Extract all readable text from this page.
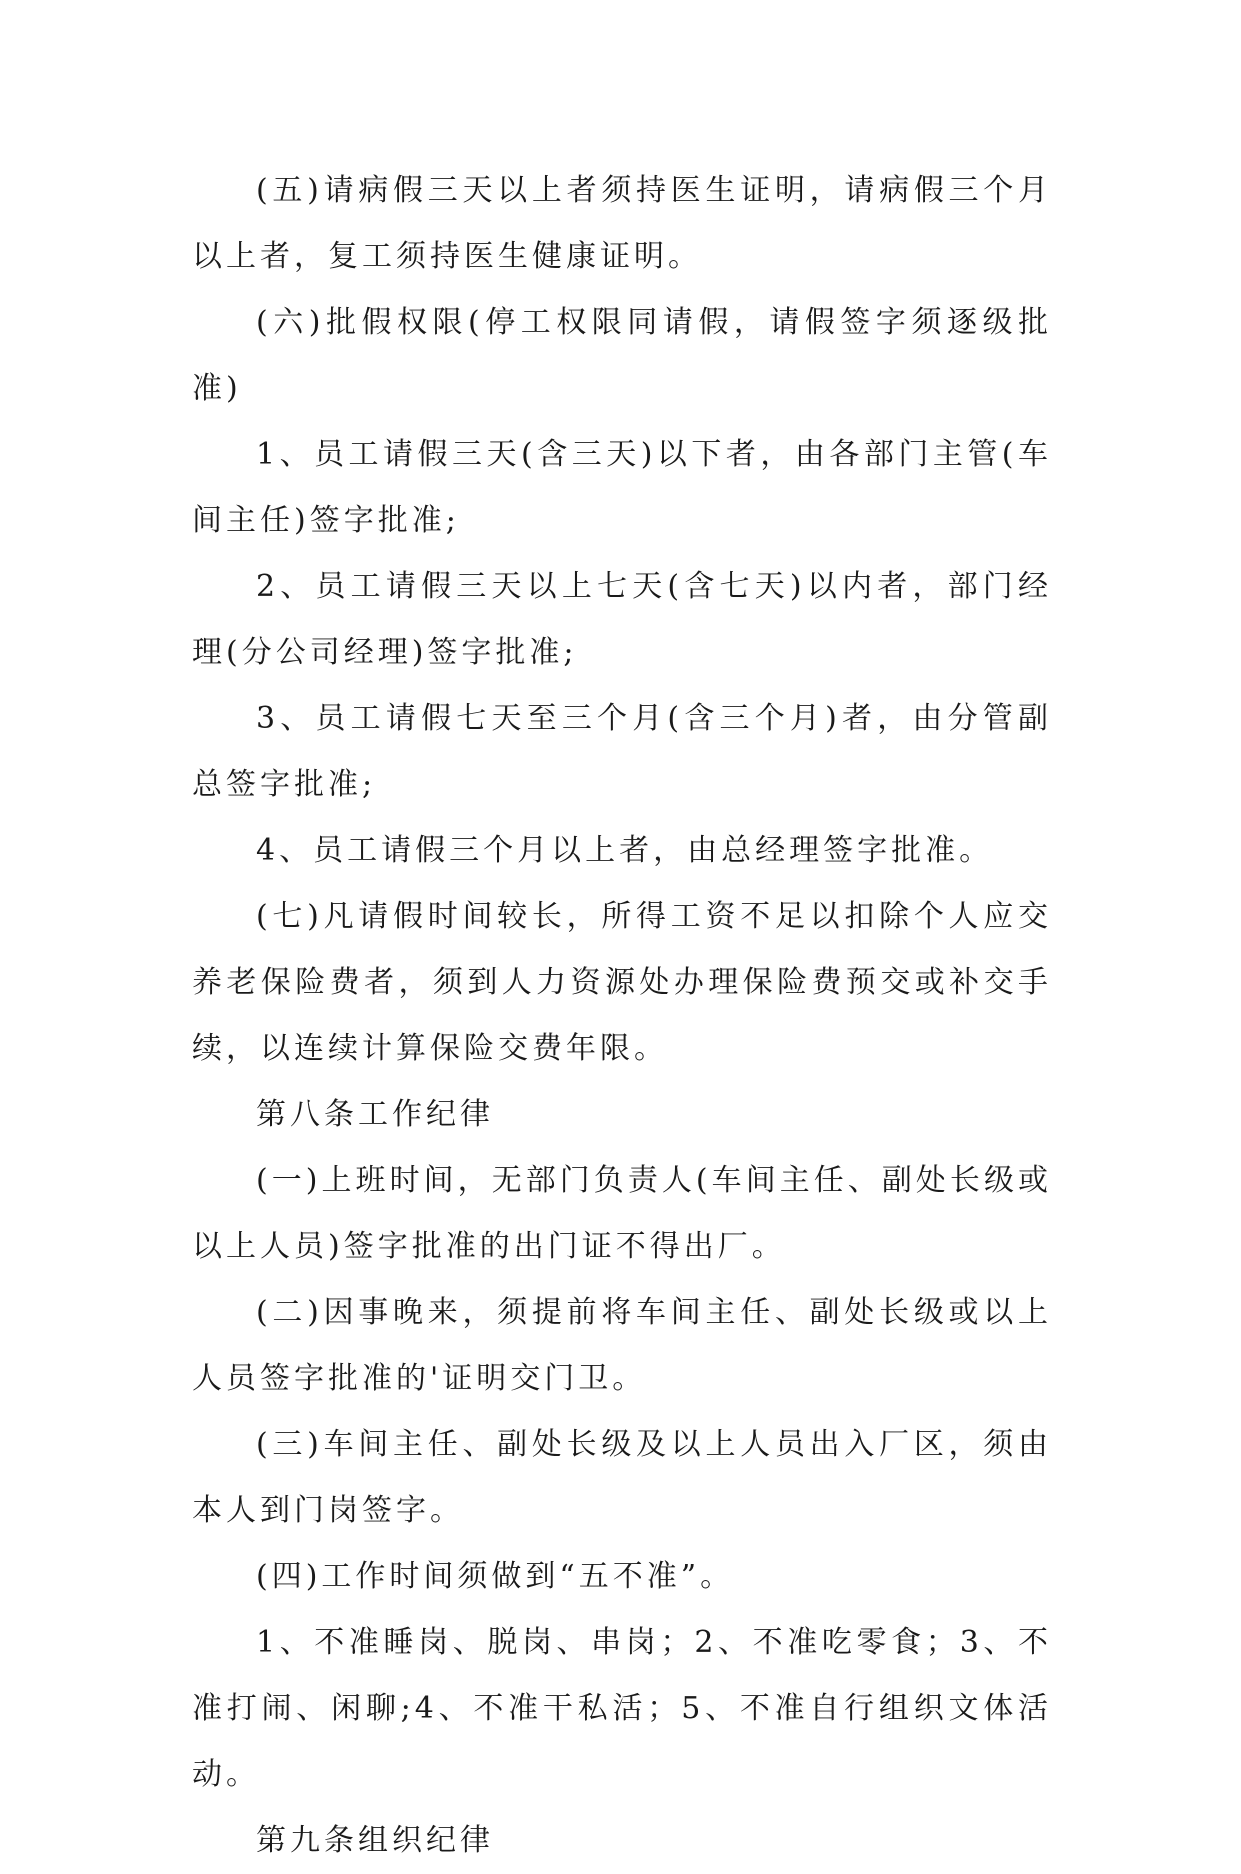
(五)请病假三天以上者须持医生证明，请病假三个月以上者，复工须持医生健康证明。

(六)批假权限(停工权限同请假，请假签字须逐级批准)

1、员工请假三天(含三天)以下者，由各部门主管(车间主任)签字批准;

2、员工请假三天以上七天(含七天)以内者，部门经理(分公司经理)签字批准;

3、员工请假七天至三个月(含三个月)者，由分管副总签字批准;

4、员工请假三个月以上者，由总经理签字批准。

(七)凡请假时间较长，所得工资不足以扣除个人应交养老保险费者，须到人力资源处办理保险费预交或补交手续，以连续计算保险交费年限。

第八条工作纪律

(一)上班时间，无部门负责人(车间主任、副处长级或以上人员)签字批准的出门证不得出厂。

(二)因事晚来，须提前将车间主任、副处长级或以上人员签字批准的'证明交门卫。

(三)车间主任、副处长级及以上人员出入厂区，须由本人到门岗签字。

(四)工作时间须做到“五不准”。

1、不准睡岗、脱岗、串岗；2、不准吃零食；3、不准打闹、闲聊;4、不准干私活；5、不准自行组织文体活动。

第九条组织纪律
